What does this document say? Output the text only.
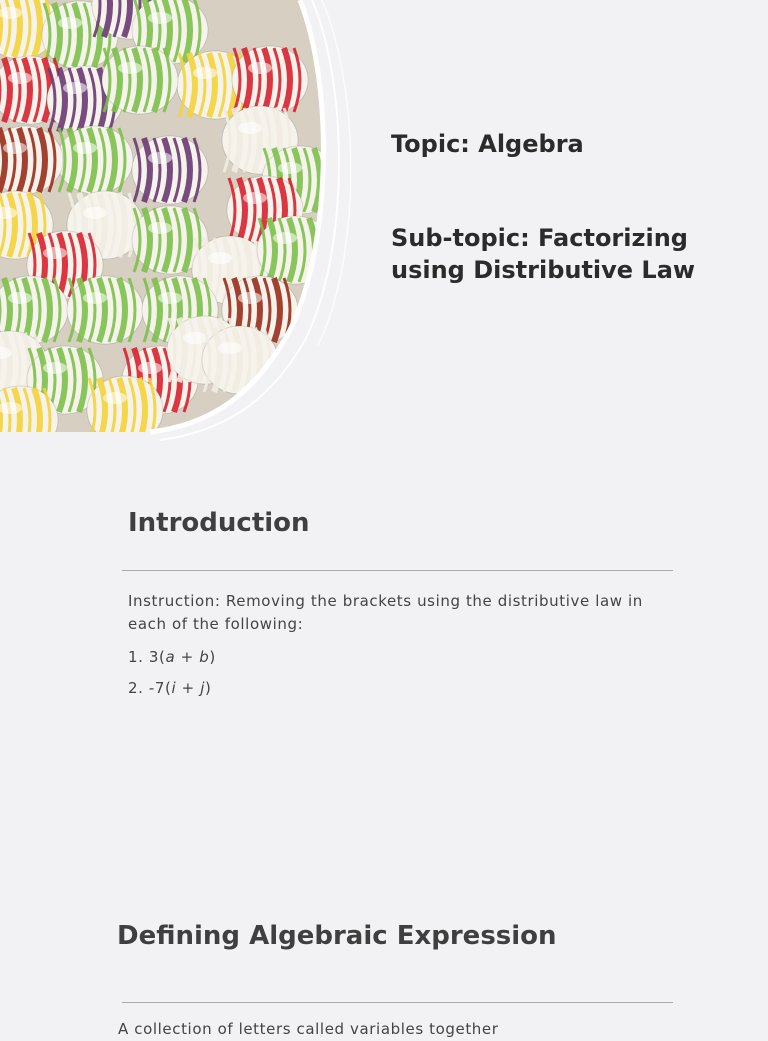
Topic: Algebra
Sub-topic: Factorizing
using Distributive Law
Introduction

Instruction: Removing the brackets using the distributive law in each of the following:

1. 3(a + b)
2. -7(i + j)
Defining Algebraic Expression
A collection of letters called variables together
